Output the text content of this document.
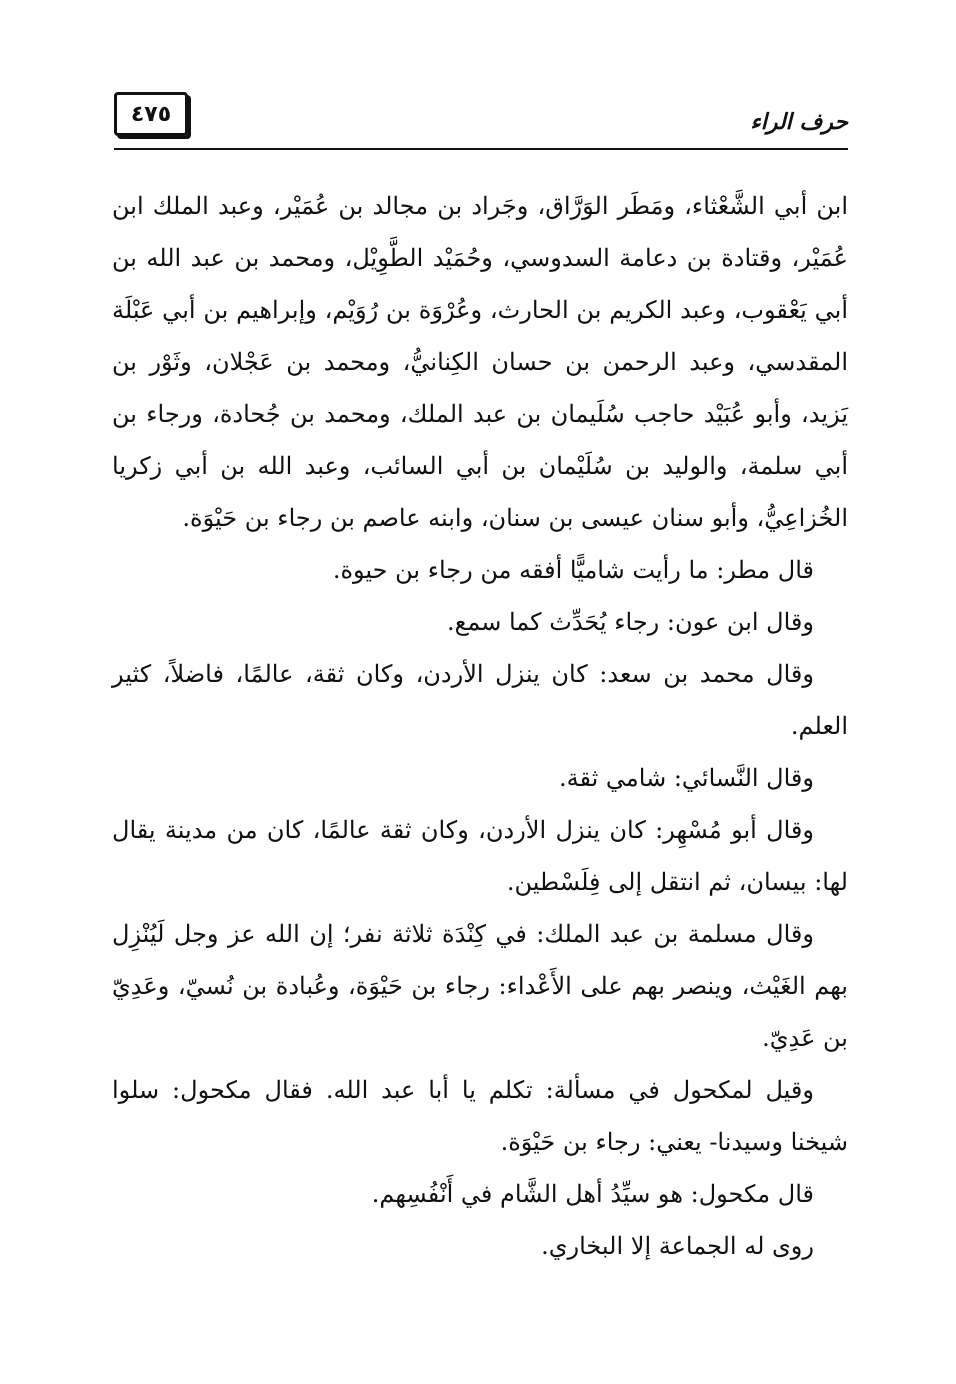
٤٧٥	حرف الراء

ابن أبي الشَّعْثاء، ومَطَر الوَرَّاق، وجَراد بن مجالد بن عُمَيْر، وعبد الملك ابن عُمَيْر، وقتادة بن دعامة السدوسي، وحُمَيْد الطَّوِيْل، ومحمد بن عبد الله بن أبي يَعْقوب، وعبد الكريم بن الحارث، وعُرْوَة بن رُوَيْم، وإبراهيم بن أبي عَبْلَة المقدسي، وعبد الرحمن بن حسان الكِنانيُّ، ومحمد بن عَجْلان، وثَوْر بن يَزيد، وأبو عُبَيْد حاجب سُلَيمان بن عبد الملك، ومحمد بن جُحادة، ورجاء بن أبي سلمة، والوليد بن سُلَيْمان بن أبي السائب، وعبد الله بن أبي زكريا الخُزاعِيُّ، وأبو سنان عيسى بن سنان، وابنه عاصم بن رجاء بن حَيْوَة.

قال مطر: ما رأيت شاميًّا أفقه من رجاء بن حيوة.

وقال ابن عون: رجاء يُحَدِّث كما سمع.

وقال محمد بن سعد: كان ينزل الأردن، وكان ثقة، عالمًا، فاضلاً، كثير العلم.

وقال النَّسائي: شامي ثقة.

وقال أبو مُسْهِر: كان ينزل الأردن، وكان ثقة عالمًا، كان من مدينة يقال لها: بيسان، ثم انتقل إلى فِلَسْطين.

وقال مسلمة بن عبد الملك: في كِنْدَة ثلاثة نفر؛ إن الله عز وجل لَيُنْزِل بهم الغَيْث، وينصر بهم على الأَعْداء: رجاء بن حَيْوَة، وعُبادة بن نُسيّ، وعَدِيّ بن عَدِيّ.

وقيل لمكحول في مسألة: تكلم يا أبا عبد الله. فقال مكحول: سلوا شيخنا وسيدنا- يعني: رجاء بن حَيْوَة.

قال مكحول: هو سيِّدُ أهل الشَّام في أَنْفُسِهم.

روى له الجماعة إلا البخاري.
